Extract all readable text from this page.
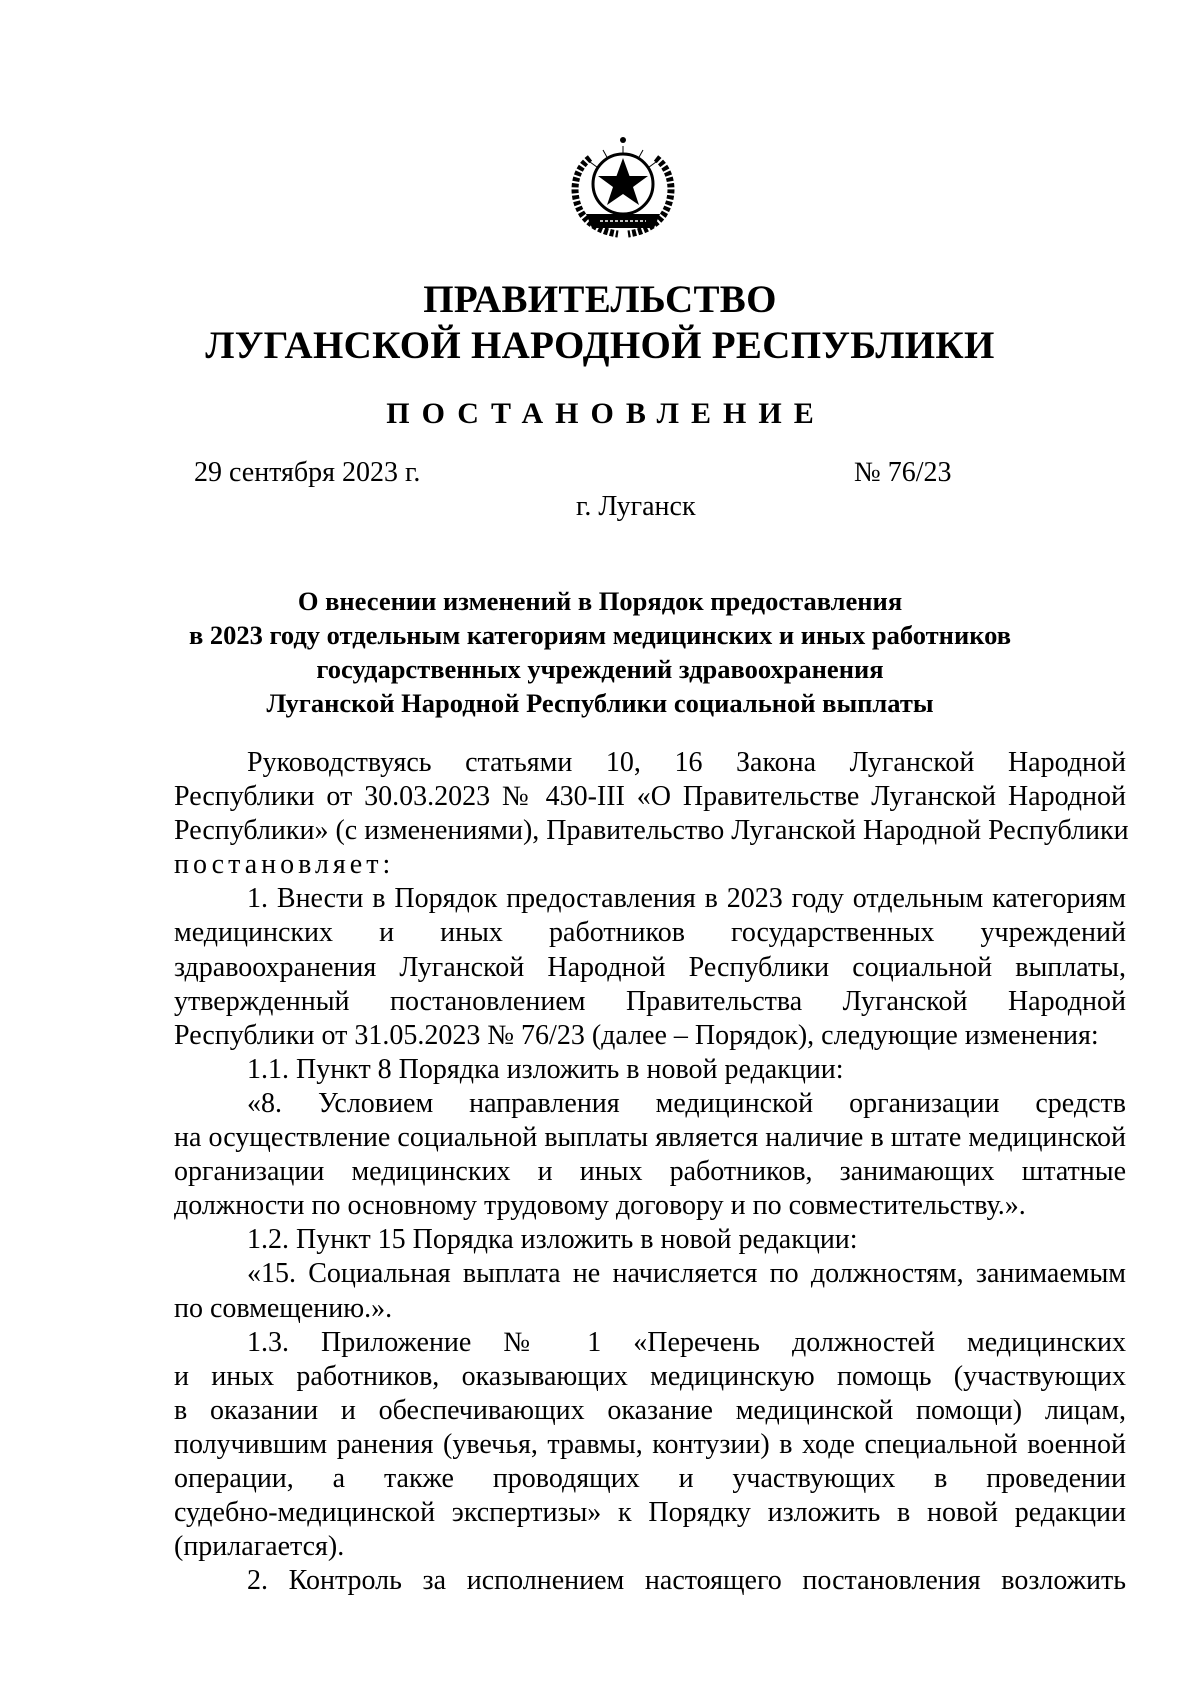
ПРАВИТЕЛЬСТВО
ЛУГАНСКОЙ НАРОДНОЙ РЕСПУБЛИКИ
ПОСТАНОВЛЕНИЕ
29 сентября 2023 г.	№ 76/23
г. Луганск
О внесении изменений в Порядок предоставления
в 2023 году отдельным категориям медицинских и иных работников
государственных учреждений здравоохранения
Луганской Народной Республики социальной выплаты
Руководствуясь статьями 10, 16 Закона Луганской Народной
Республики от 30.03.2023 № 430-III «О Правительстве Луганской Народной
Республики» (с изменениями), Правительство Луганской Народной Республики
постановляет:
1. Внести в Порядок предоставления в 2023 году отдельным категориям
медицинских и иных работников государственных учреждений
здравоохранения Луганской Народной Республики социальной выплаты,
утвержденный постановлением Правительства Луганской Народной
Республики от 31.05.2023 № 76/23 (далее – Порядок), следующие изменения:
1.1. Пункт 8 Порядка изложить в новой редакции:
«8. Условием направления медицинской организации средств
на осуществление социальной выплаты является наличие в штате медицинской
организации медицинских и иных работников, занимающих штатные
должности по основному трудовому договору и по совместительству.».
1.2. Пункт 15 Порядка изложить в новой редакции:
«15. Социальная выплата не начисляется по должностям, занимаемым
по совмещению.».
1.3. Приложение № 1 «Перечень должностей медицинских
и иных работников, оказывающих медицинскую помощь (участвующих
в оказании и обеспечивающих оказание медицинской помощи) лицам,
получившим ранения (увечья, травмы, контузии) в ходе специальной военной
операции, а также проводящих и участвующих в проведении
судебно-медицинской экспертизы» к Порядку изложить в новой редакции
(прилагается).
2. Контроль за исполнением настоящего постановления возложить
